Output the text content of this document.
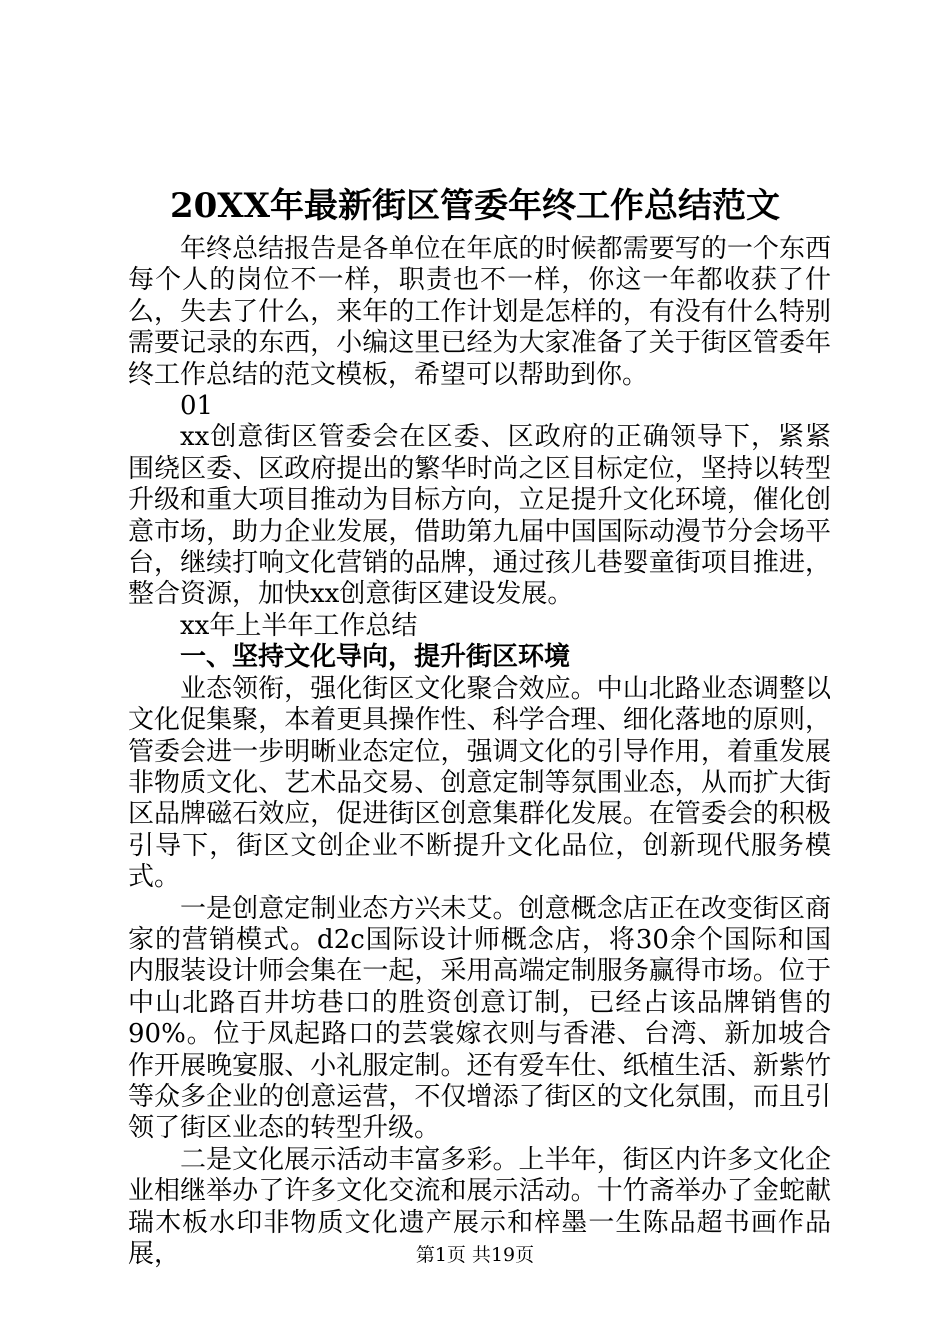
20XX年最新街区管委年终工作总结范文

年终总结报告是各单位在年底的时候都需要写的一个东西每个人的岗位不一样，职责也不一样，你这一年都收获了什么，失去了什么，来年的工作计划是怎样的，有没有什么特别需要记录的东西，小编这里已经为大家准备了关于街区管委年终工作总结的范文模板，希望可以帮助到你。

01

xx创意街区管委会在区委、区政府的正确领导下，紧紧围绕区委、区政府提出的繁华时尚之区目标定位，坚持以转型升级和重大项目推动为目标方向，立足提升文化环境，催化创意市场，助力企业发展，借助第九届中国国际动漫节分会场平台，继续打响文化营销的品牌，通过孩儿巷婴童街项目推进，整合资源，加快xx创意街区建设发展。

xx年上半年工作总结

一、坚持文化导向，提升街区环境

业态领衔，强化街区文化聚合效应。中山北路业态调整以文化促集聚，本着更具操作性、科学合理、细化落地的原则，管委会进一步明晰业态定位，强调文化的引导作用，着重发展非物质文化、艺术品交易、创意定制等氛围业态，从而扩大街区品牌磁石效应，促进街区创意集群化发展。在管委会的积极引导下，街区文创企业不断提升文化品位，创新现代服务模式。

一是创意定制业态方兴未艾。创意概念店正在改变街区商家的营销模式。d2c国际设计师概念店，将30余个国际和国内服装设计师会集在一起，采用高端定制服务赢得市场。位于中山北路百井坊巷口的胜资创意订制，已经占该品牌销售的90%。位于凤起路口的芸裳嫁衣则与香港、台湾、新加坡合作开展晚宴服、小礼服定制。还有爱车仕、纸植生活、新紫竹等众多企业的创意运营，不仅增添了街区的文化氛围，而且引领了街区业态的转型升级。

二是文化展示活动丰富多彩。上半年，街区内许多文化企业相继举办了许多文化交流和展示活动。十竹斋举办了金蛇献瑞木板水印非物质文化遗产展示和梓墨一生陈品超书画作品展，	第1页 共19页
